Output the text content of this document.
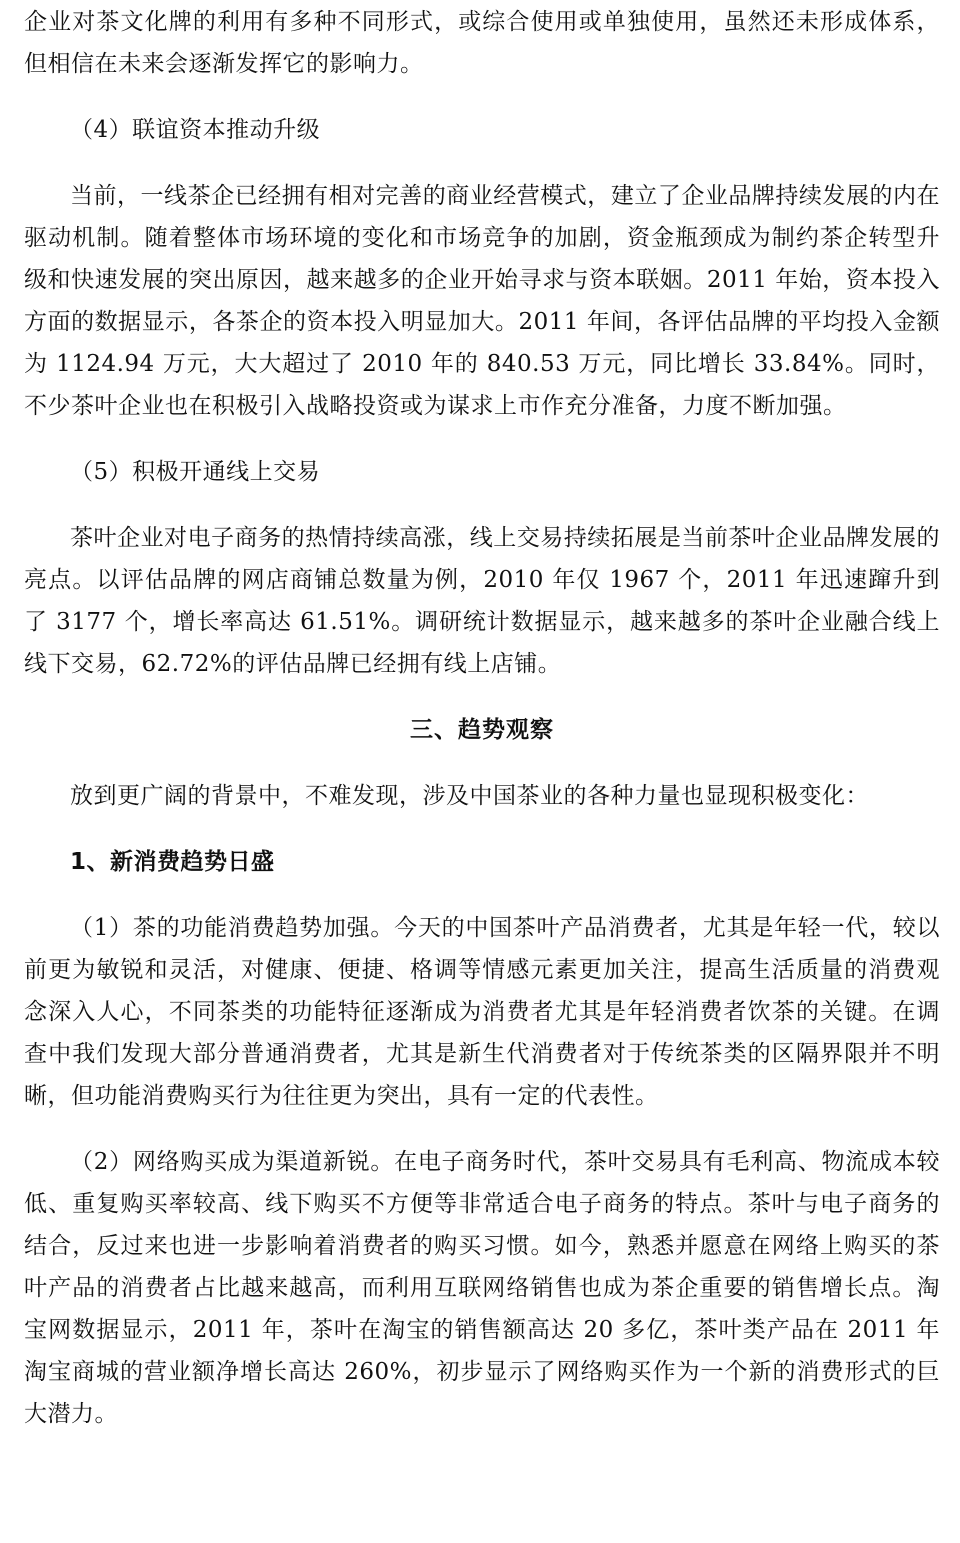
企业对茶文化牌的利用有多种不同形式，或综合使用或单独使用，虽然还未形成体系，但相信在未来会逐渐发挥它的影响力。

（4）联谊资本推动升级

当前，一线茶企已经拥有相对完善的商业经营模式，建立了企业品牌持续发展的内在驱动机制。随着整体市场环境的变化和市场竞争的加剧，资金瓶颈成为制约茶企转型升级和快速发展的突出原因，越来越多的企业开始寻求与资本联姻。2011 年始，资本投入方面的数据显示，各茶企的资本投入明显加大。2011 年间，各评估品牌的平均投入金额为 1124.94 万元，大大超过了 2010 年的 840.53 万元，同比增长 33.84%。同时，不少茶叶企业也在积极引入战略投资或为谋求上市作充分准备，力度不断加强。

（5）积极开通线上交易

茶叶企业对电子商务的热情持续高涨，线上交易持续拓展是当前茶叶企业品牌发展的亮点。以评估品牌的网店商铺总数量为例，2010 年仅 1967 个，2011 年迅速蹿升到了 3177 个，增长率高达 61.51%。调研统计数据显示，越来越多的茶叶企业融合线上线下交易，62.72%的评估品牌已经拥有线上店铺。

三、趋势观察

放到更广阔的背景中，不难发现，涉及中国茶业的各种力量也显现积极变化：

1、新消费趋势日盛

（1）茶的功能消费趋势加强。今天的中国茶叶产品消费者，尤其是年轻一代，较以前更为敏锐和灵活，对健康、便捷、格调等情感元素更加关注，提高生活质量的消费观念深入人心，不同茶类的功能特征逐渐成为消费者尤其是年轻消费者饮茶的关键。在调查中我们发现大部分普通消费者，尤其是新生代消费者对于传统茶类的区隔界限并不明晰，但功能消费购买行为往往更为突出，具有一定的代表性。

（2）网络购买成为渠道新锐。在电子商务时代，茶叶交易具有毛利高、物流成本较低、重复购买率较高、线下购买不方便等非常适合电子商务的特点。茶叶与电子商务的结合，反过来也进一步影响着消费者的购买习惯。如今，熟悉并愿意在网络上购买的茶叶产品的消费者占比越来越高，而利用互联网络销售也成为茶企重要的销售增长点。淘宝网数据显示，2011 年，茶叶在淘宝的销售额高达 20 多亿，茶叶类产品在 2011 年淘宝商城的营业额净增长高达 260%，初步显示了网络购买作为一个新的消费形式的巨大潜力。
